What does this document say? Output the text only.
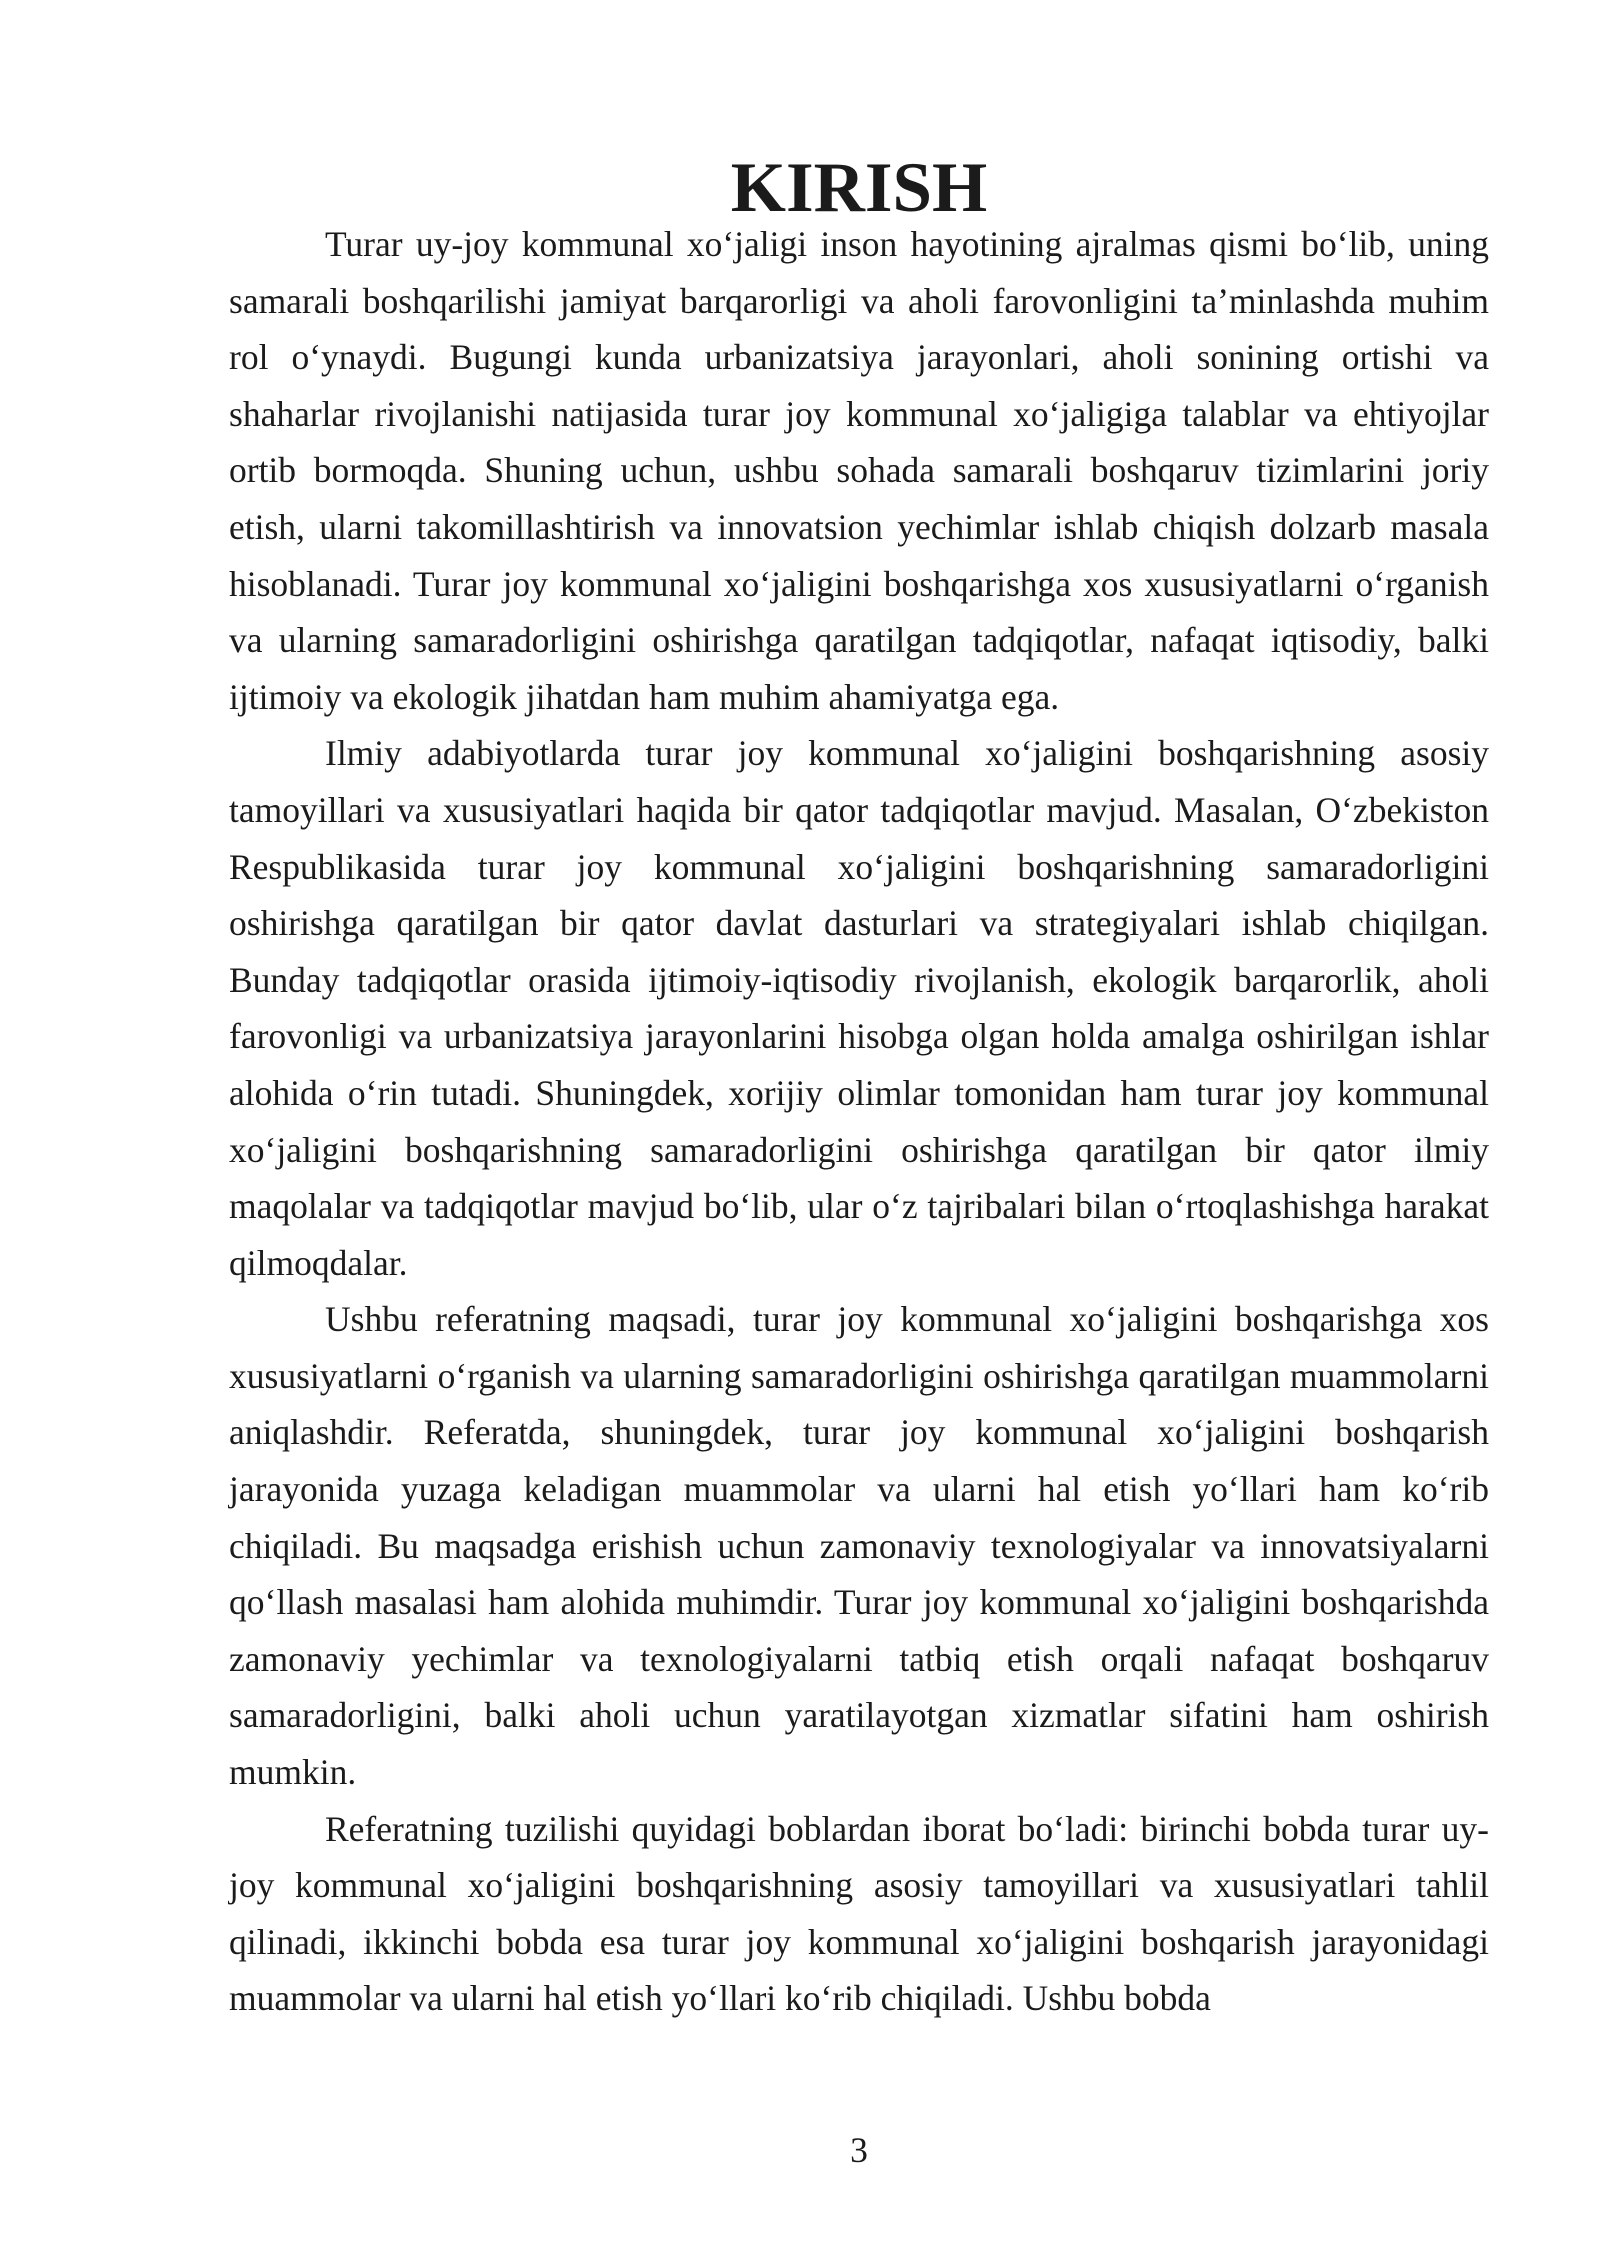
KIRISH

Turar uy-joy kommunal xo‘jaligi inson hayotining ajralmas qismi bo‘lib, uning samarali boshqarilishi jamiyat barqarorligi va aholi farovonligini ta’minlashda muhim rol o‘ynaydi. Bugungi kunda urbanizatsiya jarayonlari, aholi sonining ortishi va shaharlar rivojlanishi natijasida turar joy kommunal xo‘jaligiga talablar va ehtiyojlar ortib bormoqda. Shuning uchun, ushbu sohada samarali boshqaruv tizimlarini joriy etish, ularni takomillashtirish va innovatsion yechimlar ishlab chiqish dolzarb masala hisoblanadi. Turar joy kommunal xo‘jaligini boshqarishga xos xususiyatlarni o‘rganish va ularning samaradorligini oshirishga qaratilgan tadqiqotlar, nafaqat iqtisodiy, balki ijtimoiy va ekologik jihatdan ham muhim ahamiyatga ega.

Ilmiy adabiyotlarda turar joy kommunal xo‘jaligini boshqarishning asosiy tamoyillari va xususiyatlari haqida bir qator tadqiqotlar mavjud. Masalan, O‘zbekiston Respublikasida turar joy kommunal xo‘jaligini boshqarishning samaradorligini oshirishga qaratilgan bir qator davlat dasturlari va strategiyalari ishlab chiqilgan. Bunday tadqiqotlar orasida ijtimoiy-iqtisodiy rivojlanish, ekologik barqarorlik, aholi farovonligi va urbanizatsiya jarayonlarini hisobga olgan holda amalga oshirilgan ishlar alohida o‘rin tutadi. Shuningdek, xorijiy olimlar tomonidan ham turar joy kommunal xo‘jaligini boshqarishning samaradorligini oshirishga qaratilgan bir qator ilmiy maqolalar va tadqiqotlar mavjud bo‘lib, ular o‘z tajribalari bilan o‘rtoqlashishga harakat qilmoqdalar.

Ushbu referatning maqsadi, turar joy kommunal xo‘jaligini boshqarishga xos xususiyatlarni o‘rganish va ularning samaradorligini oshirishga qaratilgan muammolarni aniqlashdir. Referatda, shuningdek, turar joy kommunal xo‘jaligini boshqarish jarayonida yuzaga keladigan muammolar va ularni hal etish yo‘llari ham ko‘rib chiqiladi. Bu maqsadga erishish uchun zamonaviy texnologiyalar va innovatsiyalarni qo‘llash masalasi ham alohida muhimdir. Turar joy kommunal xo‘jaligini boshqarishda zamonaviy yechimlar va texnologiyalarni tatbiq etish orqali nafaqat boshqaruv samaradorligini, balki aholi uchun yaratilayotgan xizmatlar sifatini ham oshirish mumkin.

Referatning tuzilishi quyidagi boblardan iborat bo‘ladi: birinchi bobda turar uy-joy kommunal xo‘jaligini boshqarishning asosiy tamoyillari va xususiyatlari tahlil qilinadi, ikkinchi bobda esa turar joy kommunal xo‘jaligini boshqarish jarayonidagi muammolar va ularni hal etish yo‘llari ko‘rib chiqiladi. Ushbu bobda

3
